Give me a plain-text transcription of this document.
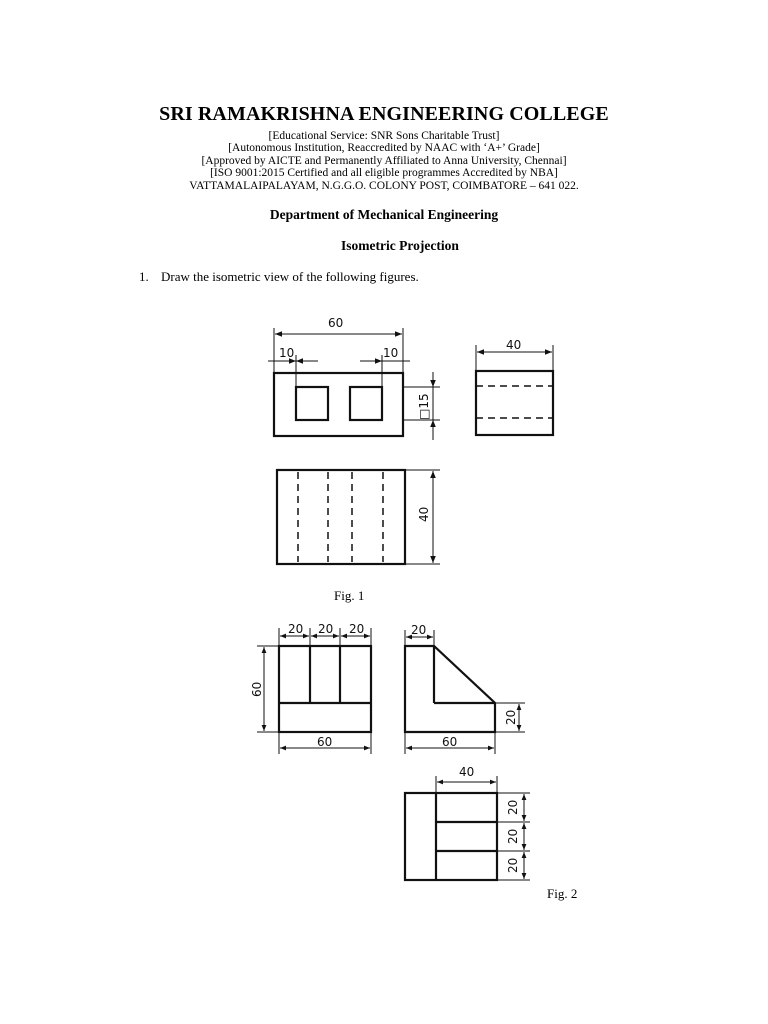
SRI RAMAKRISHNA ENGINEERING COLLEGE
[Educational Service: SNR Sons Charitable Trust]
[Autonomous Institution, Reaccredited by NAAC with ‘A+’ Grade]
[Approved by AICTE and Permanently Affiliated to Anna University, Chennai]
[ISO 9001:2015 Certified and all eligible programmes Accredited by NBA]
VATTAMALAIPALAYAM, N.G.G.O. COLONY POST, COIMBATORE – 641 022.
Department of Mechanical Engineering
Isometric Projection
1. Draw the isometric view of the following figures.
60
10	10
40
□15
40
Fig. 1
20 20 20
60
60
20
20
60
40
20
20
20
Fig. 2
